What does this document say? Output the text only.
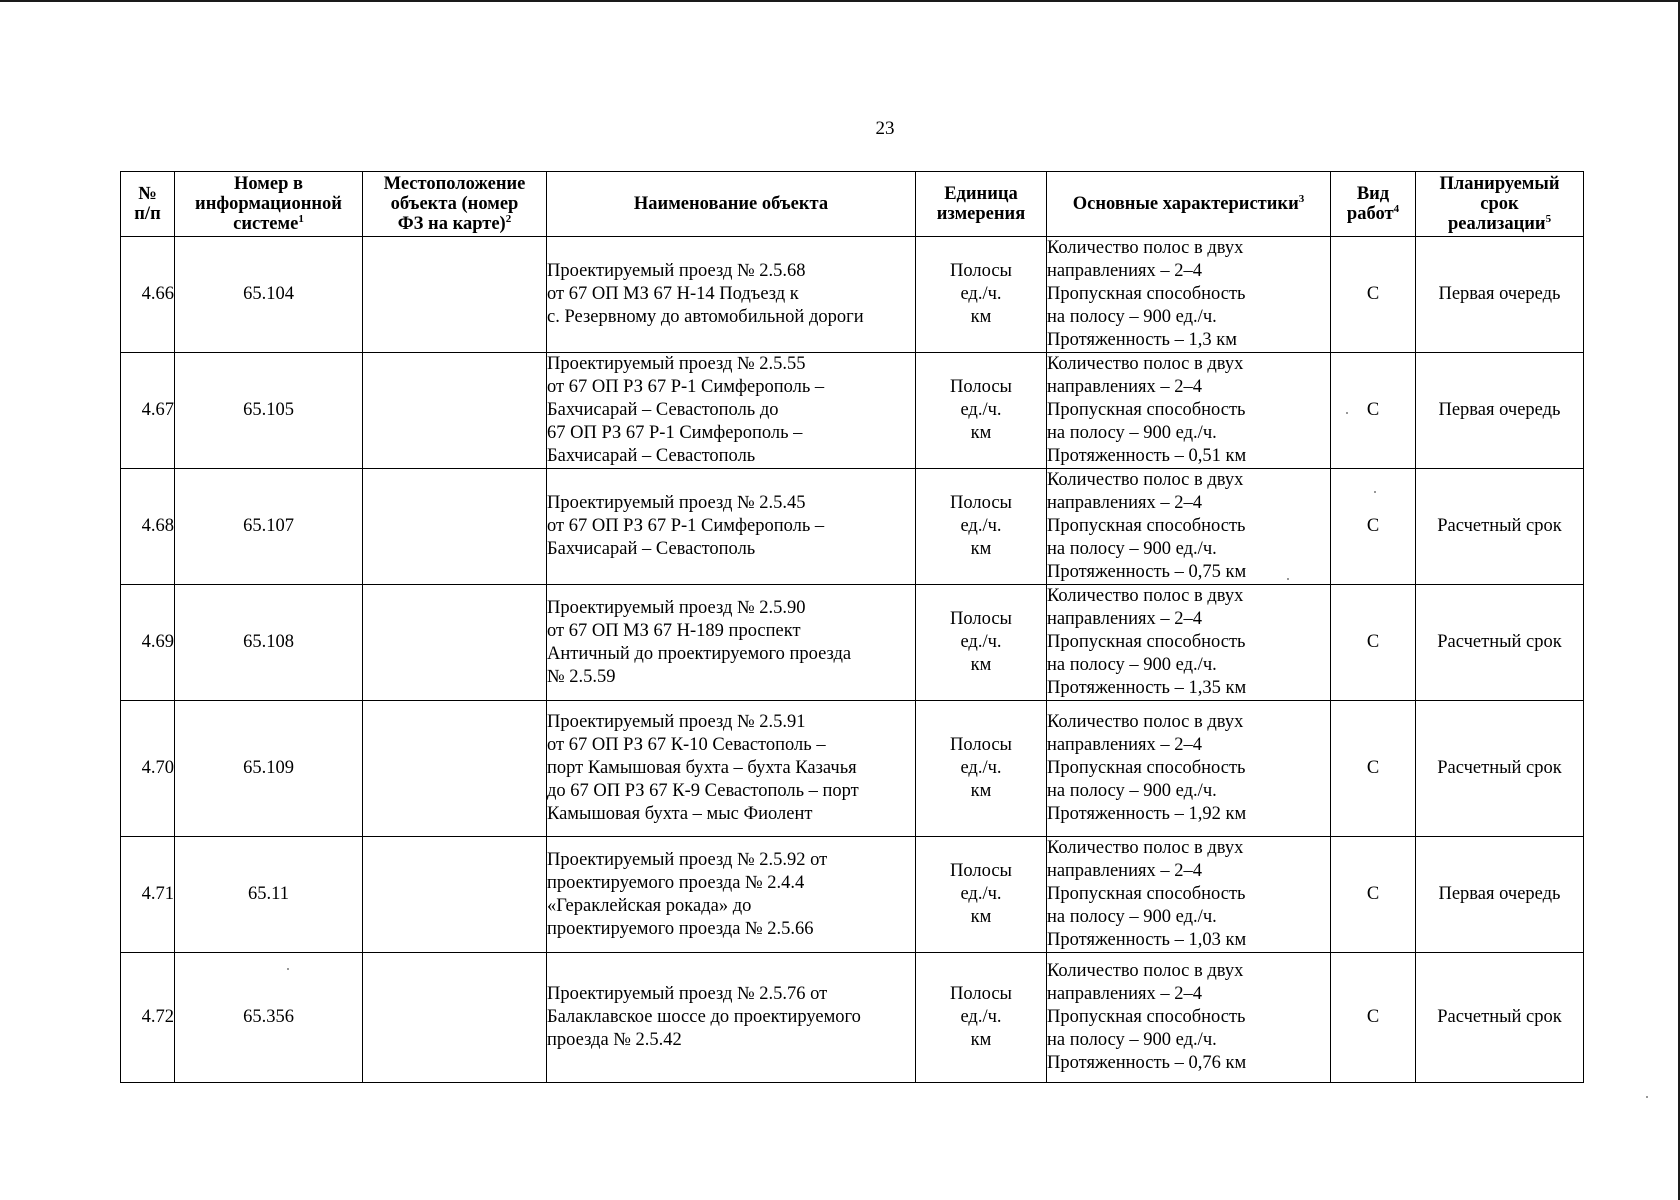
23
№
п/п	Номер в
информационной
системе$^1$	Местоположение
объекта (номер
ФЗ на карте)$^2$	Наименование объекта	Единица
измерения	Основные характеристики$^3$	Вид
работ$^4$	Планируемый
срок
реализации$^5$

4.66	65.104		Проектируемый проезд № 2.5.68
от 67 ОП МЗ 67 Н-14 Подъезд к
с. Резервному до автомобильной дороги	Полосы
ед./ч.
км	Количество полос в двух
направлениях – 2–4
Пропускная способность
на полосу – 900 ед./ч.
Протяженность – 1,3 км	С	Первая очередь
4.67	65.105		Проектируемый проезд № 2.5.55
от 67 ОП РЗ 67 Р-1 Симферополь –
Бахчисарай – Севастополь до
67 ОП РЗ 67 Р-1 Симферополь –
Бахчисарай – Севастополь	Полосы
ед./ч.
км	Количество полос в двух
направлениях – 2–4
Пропускная способность
на полосу – 900 ед./ч.
Протяженность – 0,51 км	С	Первая очередь
4.68	65.107		Проектируемый проезд № 2.5.45
от 67 ОП РЗ 67 Р-1 Симферополь –
Бахчисарай – Севастополь	Полосы
ед./ч.
км	Количество полос в двух
направлениях – 2–4
Пропускная способность
на полосу – 900 ед./ч.
Протяженность – 0,75 км	С	Расчетный срок
4.69	65.108		Проектируемый проезд № 2.5.90
от 67 ОП МЗ 67 Н-189 проспект
Античный до проектируемого проезда
№ 2.5.59	Полосы
ед./ч.
км	Количество полос в двух
направлениях – 2–4
Пропускная способность
на полосу – 900 ед./ч.
Протяженность – 1,35 км	С	Расчетный срок
4.70	65.109		Проектируемый проезд № 2.5.91
от 67 ОП РЗ 67 К-10 Севастополь –
порт Камышовая бухта – бухта Казачья
до 67 ОП РЗ 67 К-9 Севастополь – порт
Камышовая бухта – мыс Фиолент	Полосы
ед./ч.
км	Количество полос в двух
направлениях – 2–4
Пропускная способность
на полосу – 900 ед./ч.
Протяженность – 1,92 км	С	Расчетный срок
4.71	65.11		Проектируемый проезд № 2.5.92 от
проектируемого проезда № 2.4.4
«Гераклейская рокада» до
проектируемого проезда № 2.5.66	Полосы
ед./ч.
км	Количество полос в двух
направлениях – 2–4
Пропускная способность
на полосу – 900 ед./ч.
Протяженность – 1,03 км	С	Первая очередь
4.72	65.356		Проектируемый проезд № 2.5.76 от
Балаклавское шоссе до проектируемого
проезда № 2.5.42	Полосы
ед./ч.
км	Количество полос в двух
направлениях – 2–4
Пропускная способность
на полосу – 900 ед./ч.
Протяженность – 0,76 км	С	Расчетный срок
